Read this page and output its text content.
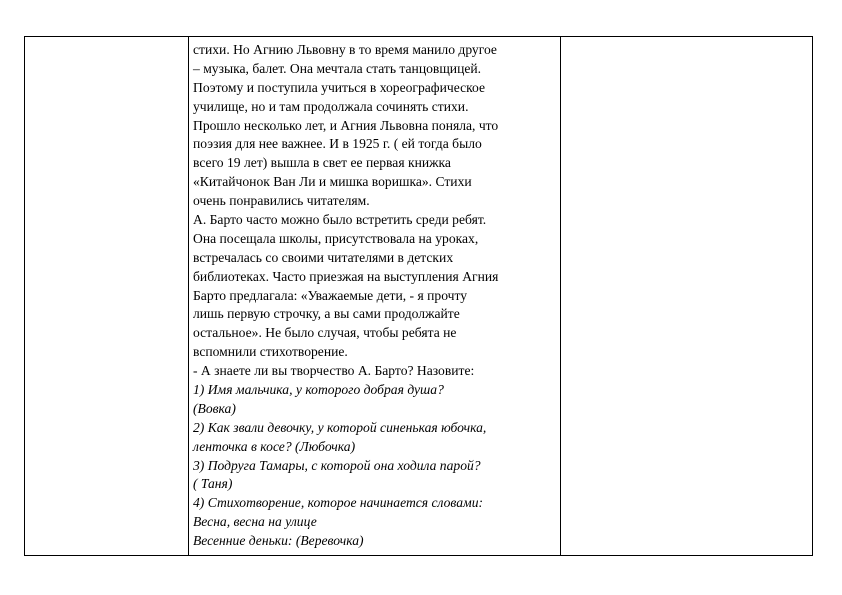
стихи. Но Агнию Львовну в то время манило другое
– музыка, балет. Она мечтала стать танцовщицей.
Поэтому и поступила учиться в хореографическое
училище, но и там продолжала сочинять стихи.
Прошло несколько лет, и Агния Львовна поняла, что
поэзия для нее важнее. И в 1925 г. ( ей тогда было
всего 19 лет) вышла в свет ее первая книжка
«Китайчонок Ван Ли и мишка воришка». Стихи
очень понравились читателям.
А. Барто часто можно было встретить среди ребят.
Она посещала школы, присутствовала на уроках,
встречалась со своими читателями в детских
библиотеках. Часто приезжая на выступления Агния
Барто предлагала: «Уважаемые дети, - я прочту
лишь первую строчку, а вы сами продолжайте
остальное». Не было случая, чтобы ребята не
вспомнили стихотворение.
- А знаете ли вы творчество А. Барто? Назовите:
1) Имя мальчика, у которого добрая душа?
(Вовка)
2) Как звали девочку, у которой синенькая юбочка,
ленточка в косе? (Любочка)
3) Подруга Тамары, с которой она ходила парой?
( Таня)
4) Стихотворение, которое начинается словами:
Весна, весна на улице
Весенние деньки: (Веревочка)
